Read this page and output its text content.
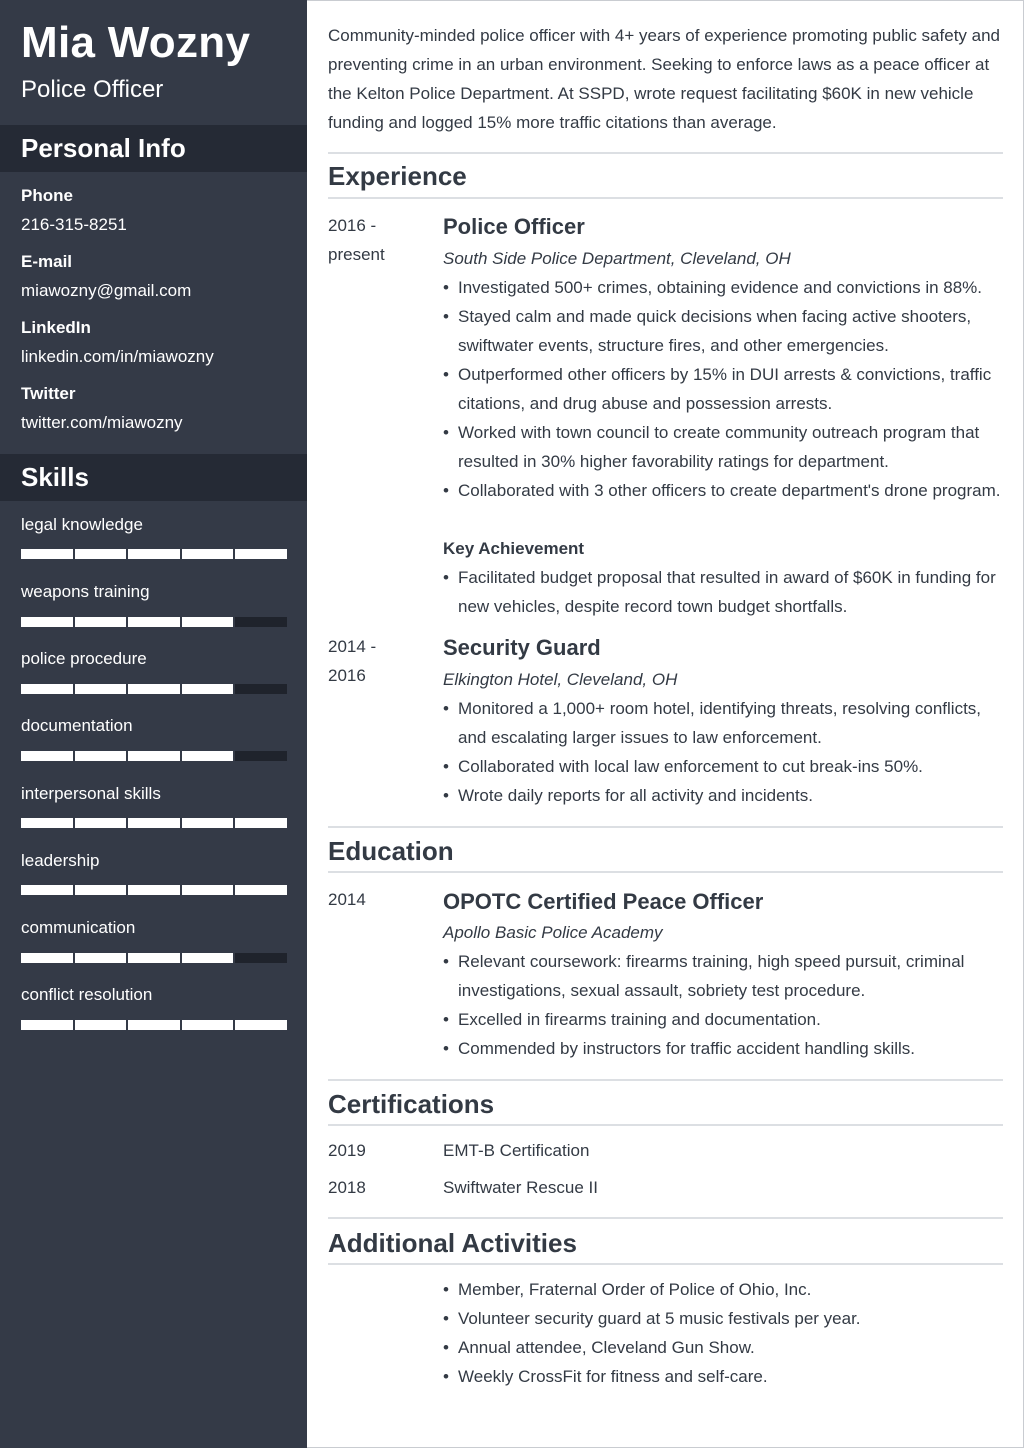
Mia Wozny
Police Officer
Personal Info
Phone
216-315-8251
E-mail
miawozny@gmail.com
LinkedIn
linkedin.com/in/miawozny
Twitter
twitter.com/miawozny
Skills
legal knowledge
weapons training
police procedure
documentation
interpersonal skills
leadership
communication
conflict resolution

Community-minded police officer with 4+ years of experience promoting public safety and preventing crime in an urban environment. Seeking to enforce laws as a peace officer at the Kelton Police Department. At SSPD, wrote request facilitating $60K in new vehicle funding and logged 15% more traffic citations than average.

Experience
2016 -
present
Police Officer
South Side Police Department, Cleveland, OH
• Investigated 500+ crimes, obtaining evidence and convictions in 88%.
• Stayed calm and made quick decisions when facing active shooters, swiftwater events, structure fires, and other emergencies.
• Outperformed other officers by 15% in DUI arrests & convictions, traffic citations, and drug abuse and possession arrests.
• Worked with town council to create community outreach program that resulted in 30% higher favorability ratings for department.
• Collaborated with 3 other officers to create department's drone program.
Key Achievement
• Facilitated budget proposal that resulted in award of $60K in funding for new vehicles, despite record town budget shortfalls.
2014 -
2016
Security Guard
Elkington Hotel, Cleveland, OH
• Monitored a 1,000+ room hotel, identifying threats, resolving conflicts, and escalating larger issues to law enforcement.
• Collaborated with local law enforcement to cut break-ins 50%.
• Wrote daily reports for all activity and incidents.
Education
2014	OPOTC Certified Peace Officer
Apollo Basic Police Academy
• Relevant coursework: firearms training, high speed pursuit, criminal investigations, sexual assault, sobriety test procedure.
• Excelled in firearms training and documentation.
• Commended by instructors for traffic accident handling skills.
Certifications
2019	EMT-B Certification
2018	Swiftwater Rescue II
Additional Activities
• Member, Fraternal Order of Police of Ohio, Inc.
• Volunteer security guard at 5 music festivals per year.
• Annual attendee, Cleveland Gun Show.
• Weekly CrossFit for fitness and self-care.
